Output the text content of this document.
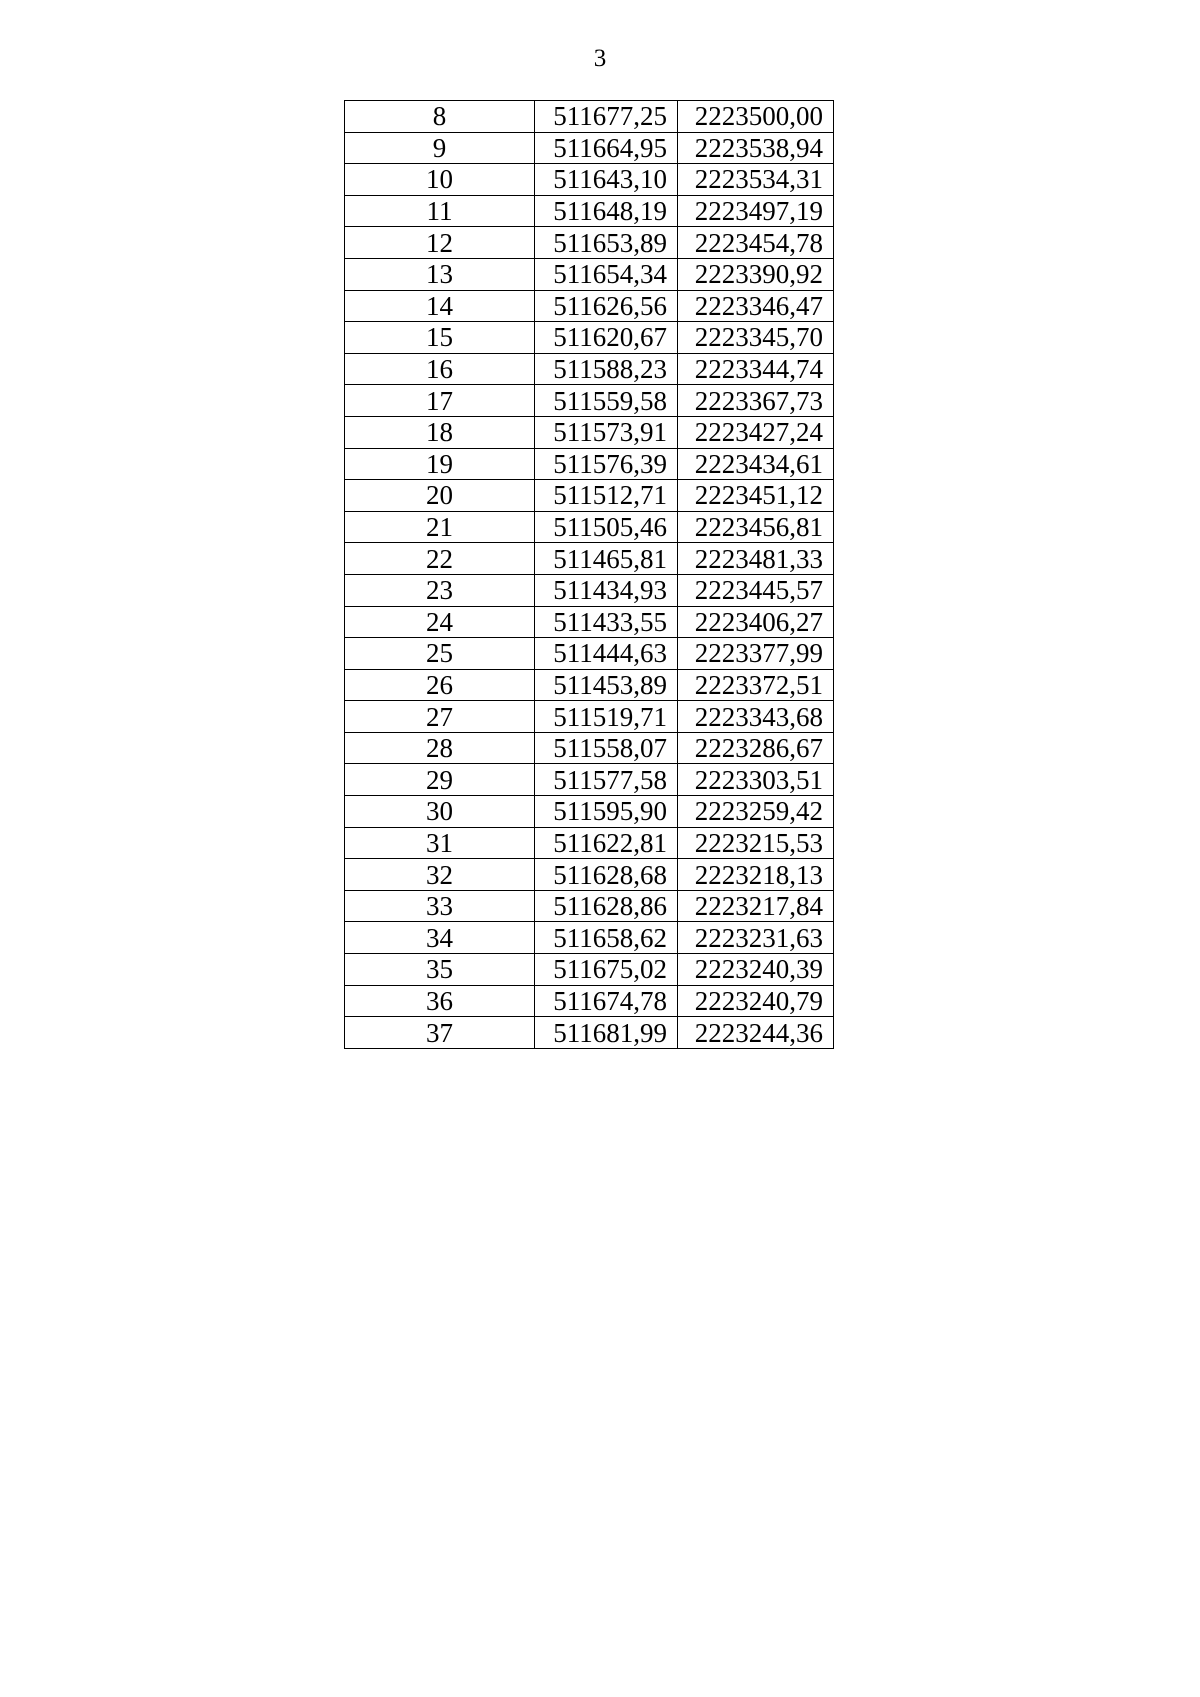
3
8	511677,25	2223500,00
9	511664,95	2223538,94
10	511643,10	2223534,31
11	511648,19	2223497,19
12	511653,89	2223454,78
13	511654,34	2223390,92
14	511626,56	2223346,47
15	511620,67	2223345,70
16	511588,23	2223344,74
17	511559,58	2223367,73
18	511573,91	2223427,24
19	511576,39	2223434,61
20	511512,71	2223451,12
21	511505,46	2223456,81
22	511465,81	2223481,33
23	511434,93	2223445,57
24	511433,55	2223406,27
25	511444,63	2223377,99
26	511453,89	2223372,51
27	511519,71	2223343,68
28	511558,07	2223286,67
29	511577,58	2223303,51
30	511595,90	2223259,42
31	511622,81	2223215,53
32	511628,68	2223218,13
33	511628,86	2223217,84
34	511658,62	2223231,63
35	511675,02	2223240,39
36	511674,78	2223240,79
37	511681,99	2223244,36
